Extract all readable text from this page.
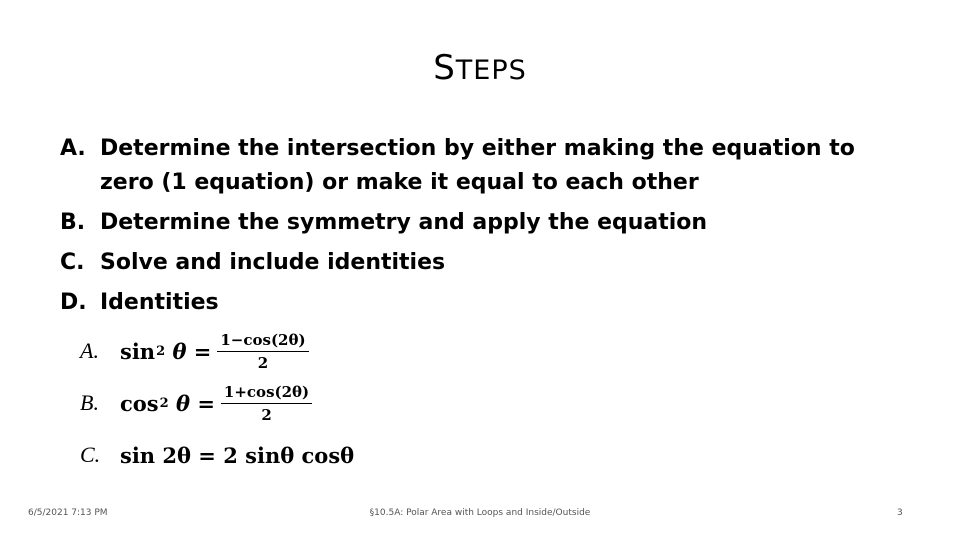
STEPS
A. Determine the intersection by either making the equation to zero (1 equation) or make it equal to each other
B. Determine the symmetry and apply the equation
C. Solve and include identities
D. Identities
A.	sin 2
θ
= $\frac{1-\cos(2\theta)}{2}$
B.	cos 2
θ
= $\frac{1+\cos(2\theta)}{2}$
C. sin 2θ = 2 sinθ cosθ
6/5/2021 7:13 PM	§10.5A: Polar Area with Loops and Inside/Outside	3
